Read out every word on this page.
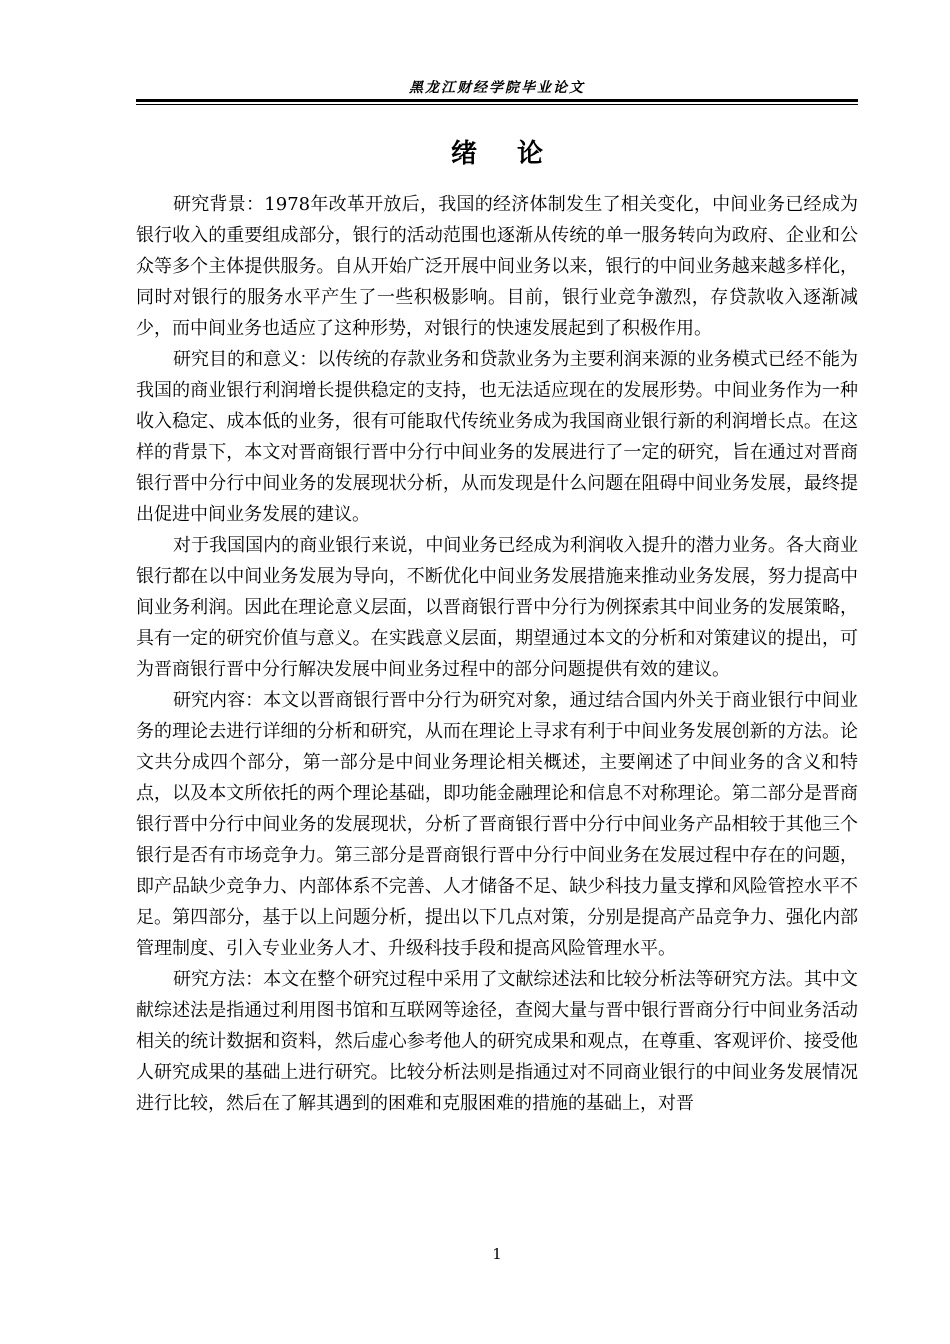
黑龙江财经学院毕业论文
绪论

研究背景：1978年改革开放后，我国的经济体制发生了相关变化，中间业务已经成为银行收入的重要组成部分，银行的活动范围也逐渐从传统的单一服务转向为政府、企业和公众等多个主体提供服务。自从开始广泛开展中间业务以来，银行的中间业务越来越多样化，同时对银行的服务水平产生了一些积极影响。目前，银行业竞争激烈，存贷款收入逐渐减少，而中间业务也适应了这种形势，对银行的快速发展起到了积极作用。

研究目的和意义：以传统的存款业务和贷款业务为主要利润来源的业务模式已经不能为我国的商业银行利润增长提供稳定的支持，也无法适应现在的发展形势。中间业务作为一种收入稳定、成本低的业务，很有可能取代传统业务成为我国商业银行新的利润增长点。在这样的背景下，本文对晋商银行晋中分行中间业务的发展进行了一定的研究，旨在通过对晋商银行晋中分行中间业务的发展现状分析，从而发现是什么问题在阻碍中间业务发展，最终提出促进中间业务发展的建议。

对于我国国内的商业银行来说，中间业务已经成为利润收入提升的潜力业务。各大商业银行都在以中间业务发展为导向，不断优化中间业务发展措施来推动业务发展，努力提高中间业务利润。因此在理论意义层面，以晋商银行晋中分行为例探索其中间业务的发展策略，具有一定的研究价值与意义。在实践意义层面，期望通过本文的分析和对策建议的提出，可为晋商银行晋中分行解决发展中间业务过程中的部分问题提供有效的建议。

研究内容：本文以晋商银行晋中分行为研究对象，通过结合国内外关于商业银行中间业务的理论去进行详细的分析和研究，从而在理论上寻求有利于中间业务发展创新的方法。论文共分成四个部分，第一部分是中间业务理论相关概述，主要阐述了中间业务的含义和特点，以及本文所依托的两个理论基础，即功能金融理论和信息不对称理论。第二部分是晋商银行晋中分行中间业务的发展现状，分析了晋商银行晋中分行中间业务产品相较于其他三个银行是否有市场竞争力。第三部分是晋商银行晋中分行中间业务在发展过程中存在的问题，即产品缺少竞争力、内部体系不完善、人才储备不足、缺少科技力量支撑和风险管控水平不足。第四部分，基于以上问题分析，提出以下几点对策，分别是提高产品竞争力、强化内部管理制度、引入专业业务人才、升级科技手段和提高风险管理水平。

研究方法：本文在整个研究过程中采用了文献综述法和比较分析法等研究方法。其中文献综述法是指通过利用图书馆和互联网等途径，查阅大量与晋中银行晋商分行中间业务活动相关的统计数据和资料，然后虚心参考他人的研究成果和观点，在尊重、客观评价、接受他人研究成果的基础上进行研究。比较分析法则是指通过对不同商业银行的中间业务发展情况进行比较，然后在了解其遇到的困难和克服困难的措施的基础上，对晋

1
